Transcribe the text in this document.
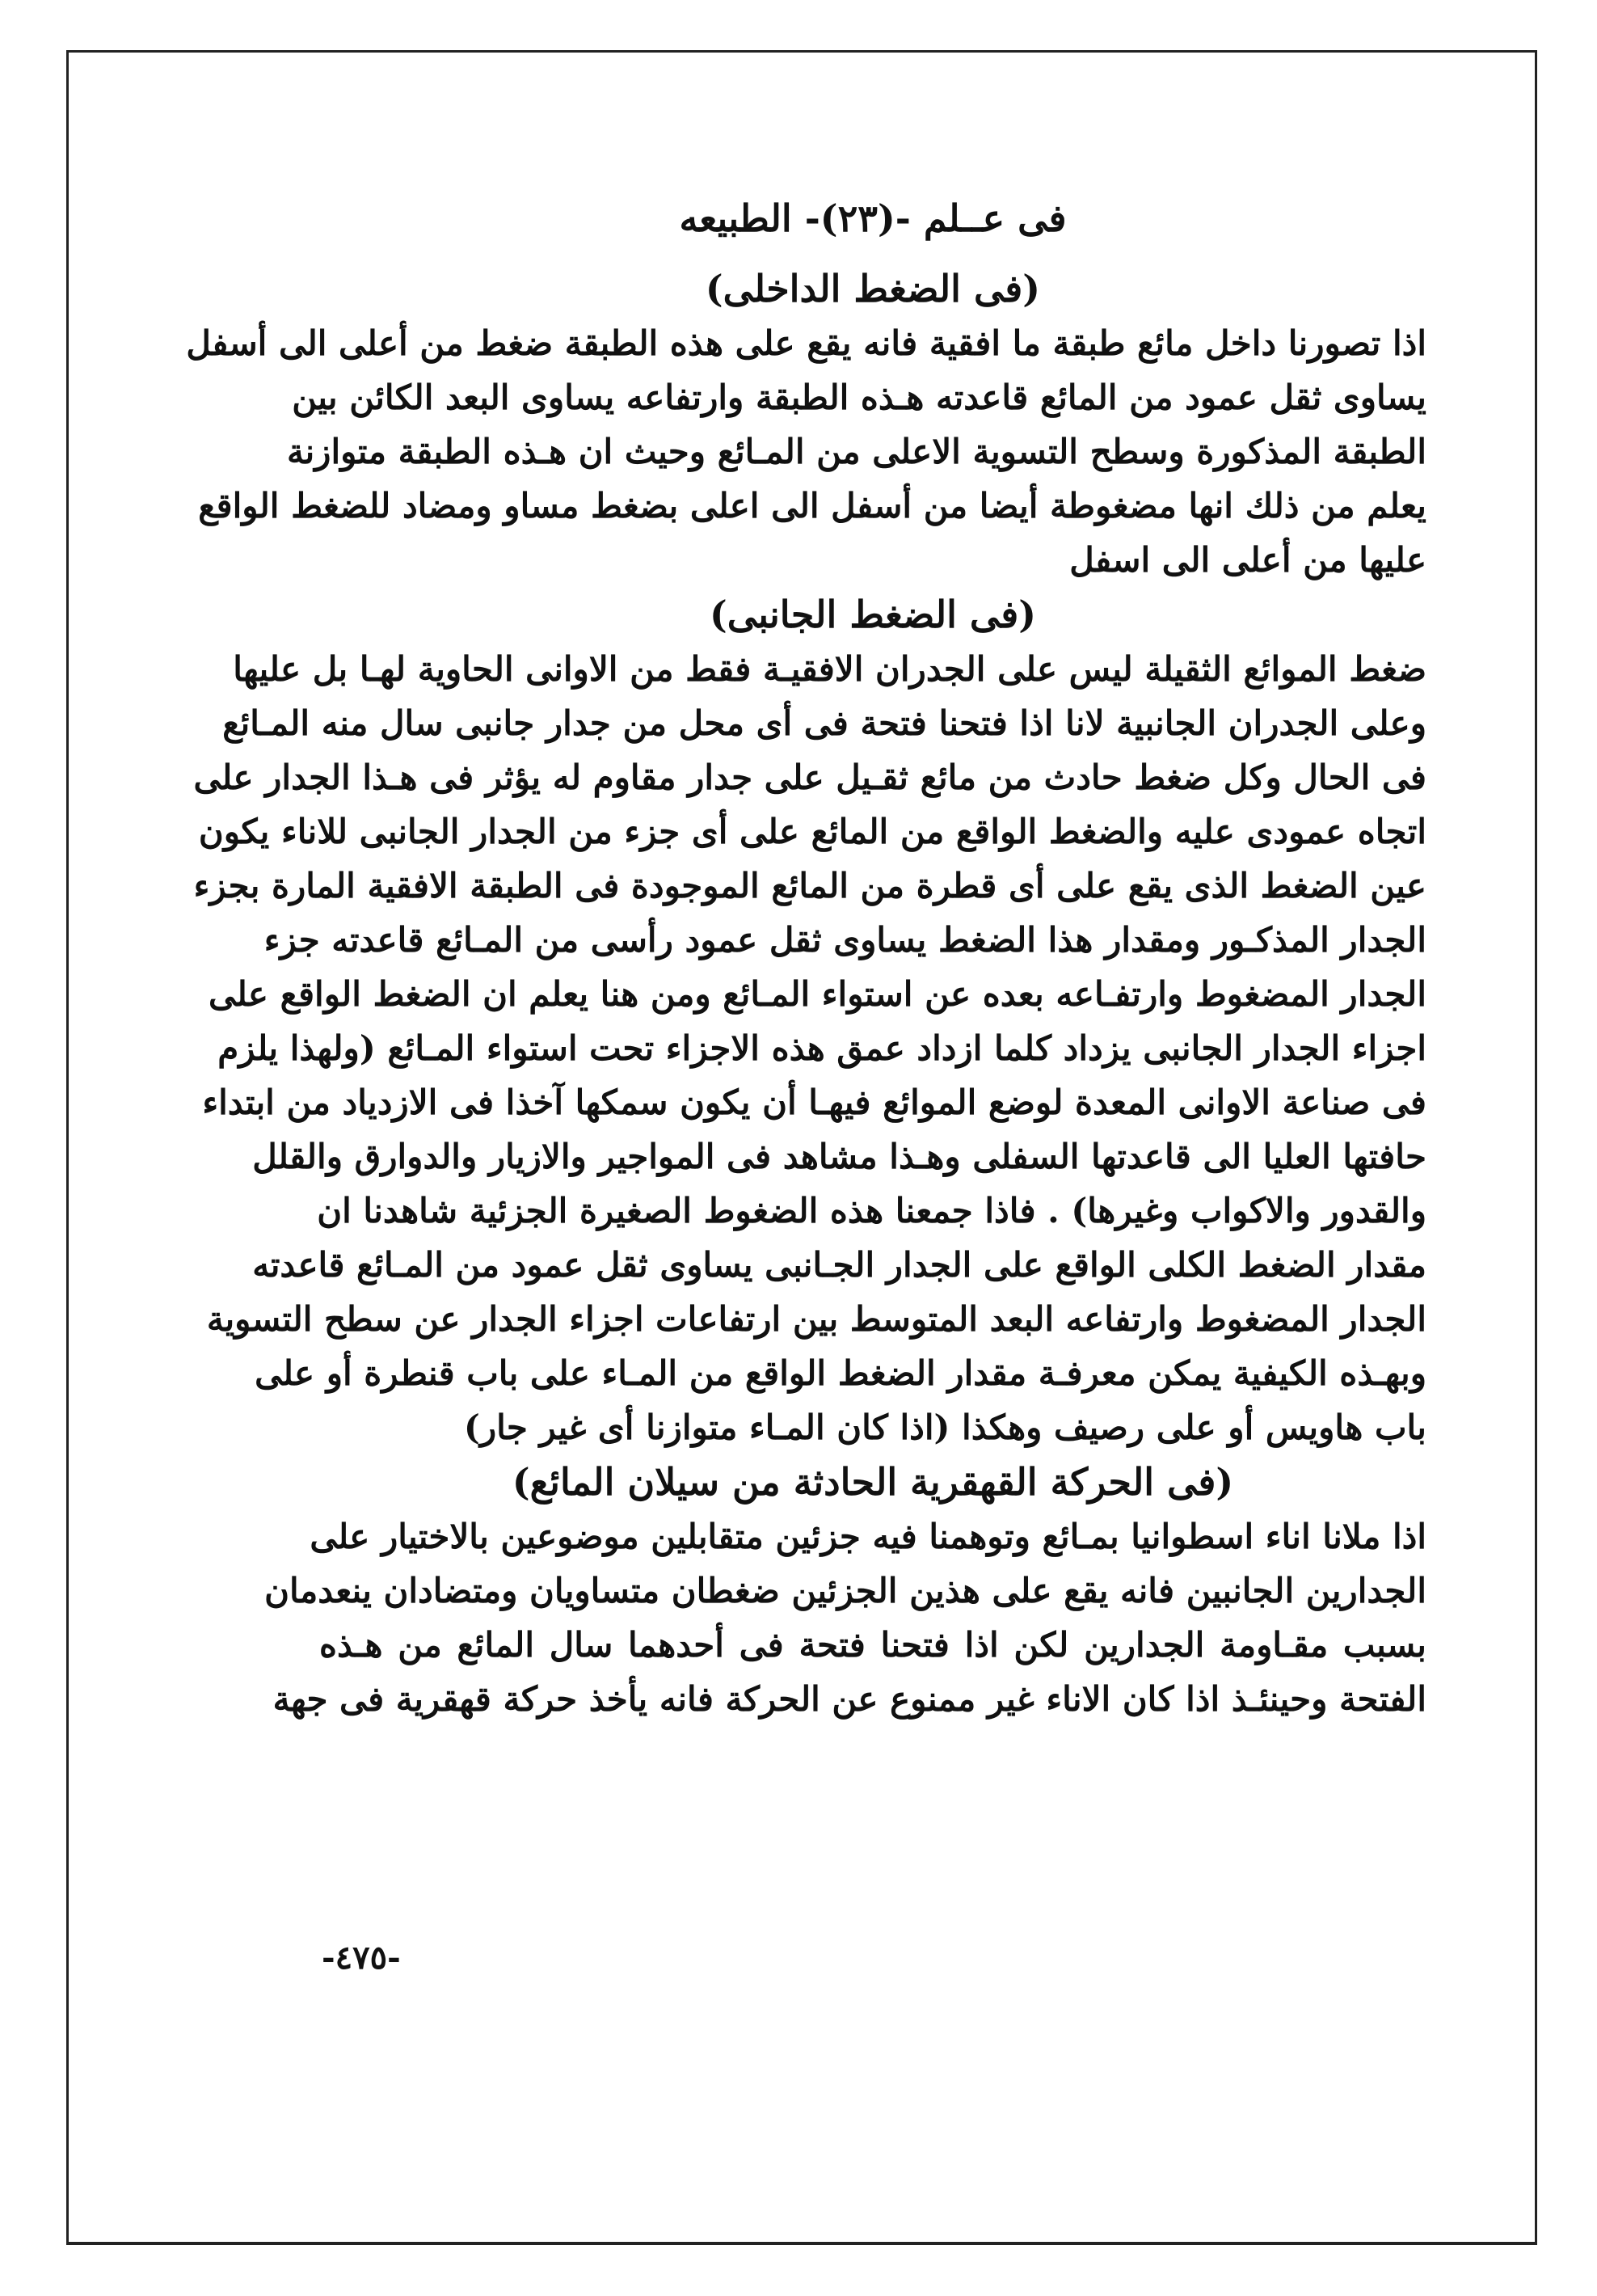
فى عــلم -(٢٣)- الطبيعه
(فى الضغط الداخلى)

اذا تصورنا داخل مائع طبقة ما افقية فانه يقع على هذه الطبقة ضغط من أعلى الى أسفل

يساوى ثقل عمود من المائع قاعدته هـذه الطبقة وارتفاعه يساوى البعد الكائن بين

الطبقة المذكورة وسطح التسوية الاعلى من المـائع وحيث ان هـذه الطبقة متوازنة

يعلم من ذلك انها مضغوطة أيضا من أسفل الى اعلى بضغط مساو ومضاد للضغط الواقع

عليها من أعلى الى اسفل

(فى الضغط الجانبى)

ضغط الموائع الثقيلة ليس على الجدران الافقيـة فقط من الاوانى الحاوية لهـا بل عليها

وعلى الجدران الجانبية لانا اذا فتحنا فتحة فى أى محل من جدار جانبى سال منه المـائع

فى الحال وكل ضغط حادث من مائع ثقـيل على جدار مقاوم له يؤثر فى هـذا الجدار على

اتجاه عمودى عليه والضغط الواقع من المائع على أى جزء من الجدار الجانبى للاناء يكون

عين الضغط الذى يقع على أى قطرة من المائع الموجودة فى الطبقة الافقية المارة بجزء

الجدار المذكـور ومقدار هذا الضغط يساوى ثقل عمود رأسى من المـائع قاعدته جزء

الجدار المضغوط وارتفـاعه بعده عن استواء المـائع ومن هنا يعلم ان الضغط الواقع على

اجزاء الجدار الجانبى يزداد كلما ازداد عمق هذه الاجزاء تحت استواء المـائع (ولهذا يلزم

فى صناعة الاوانى المعدة لوضع الموائع فيهـا أن يكون سمكها آخذا فى الازدياد من ابتداء

حافتها العليا الى قاعدتها السفلى وهـذا مشاهد فى المواجير والازيار والدوارق والقلل

والقدور والاكواب وغيرها) . فاذا جمعنا هذه الضغوط الصغيرة الجزئية شاهدنا ان

مقدار الضغط الكلى الواقع على الجدار الجـانبى يساوى ثقل عمود من المـائع قاعدته

الجدار المضغوط وارتفاعه البعد المتوسط بين ارتفاعات اجزاء الجدار عن سطح التسوية

وبهـذه الكيفية يمكن معرفـة مقدار الضغط الواقع من المـاء على باب قنطرة أو على

باب هاويس أو على رصيف وهكذا (اذا كان المـاء متوازنا أى غير جار)

(فى الحركة القهقرية الحادثة من سيلان المائع)

اذا ملانا اناء اسطوانيا بمـائع وتوهمنا فيه جزئين متقابلين موضوعين بالاختيار على

الجدارين الجانبين فانه يقع على هذين الجزئين ضغطان متساويان ومتضادان ينعدمان

بسبب مقـاومة الجدارين لكن اذا فتحنا فتحة فى أحدهما سال المائع من هـذه

الفتحة وحينئـذ اذا كان الاناء غير ممنوع عن الحركة فانه يأخذ حركة قهقرية فى جهة

-٤٧٥-
